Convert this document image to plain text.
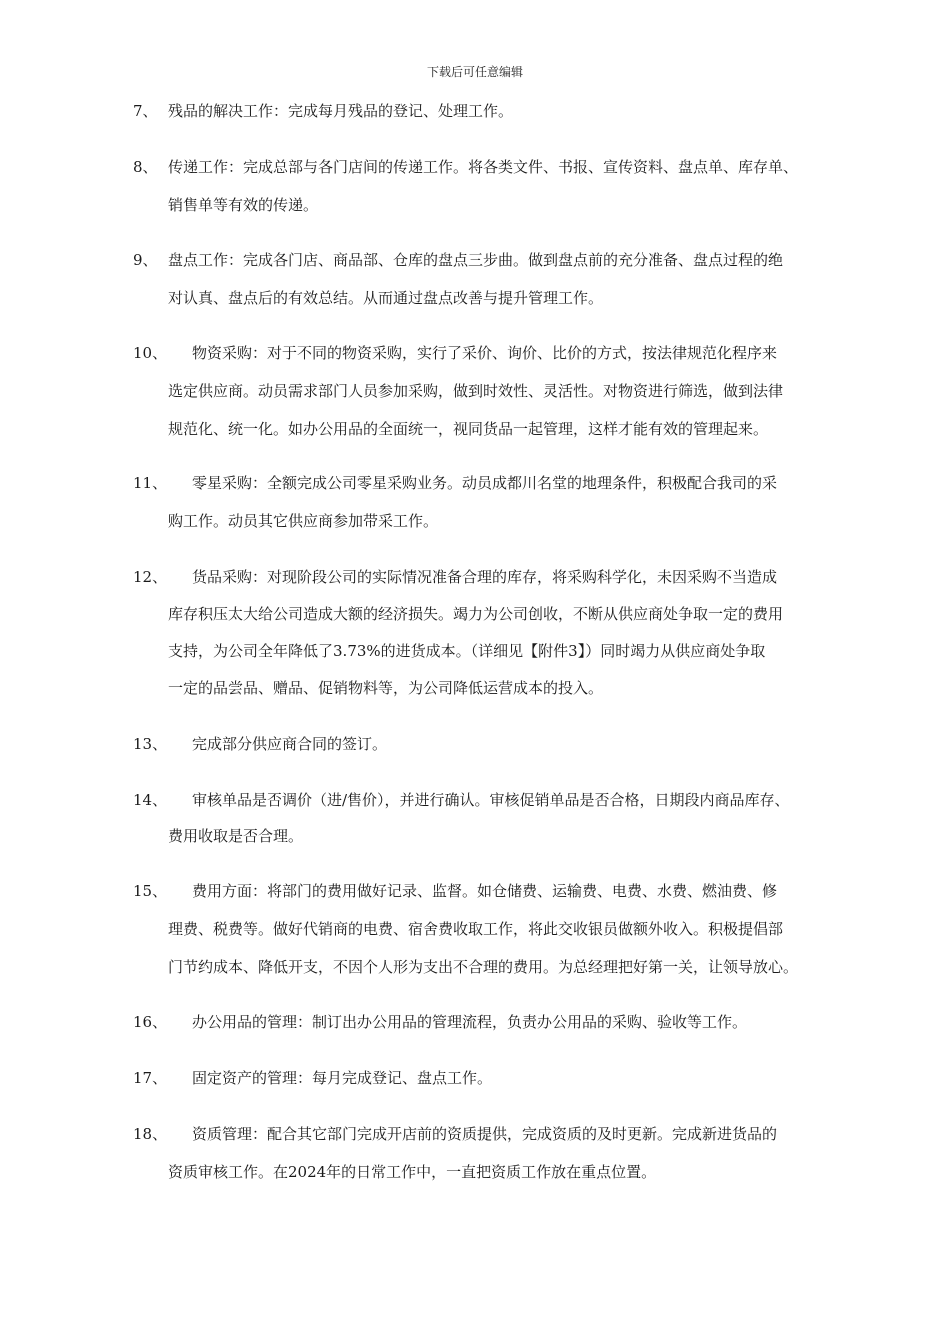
下载后可任意编辑
7、 残品的解决工作：完成每月残品的登记、处理工作。
8、 传递工作：完成总部与各门店间的传递工作。将各类文件、书报、宣传资料、盘点单、库存单、
销售单等有效的传递。
9、 盘点工作：完成各门店、商品部、仓库的盘点三步曲。做到盘点前的充分准备、盘点过程的绝
对认真、盘点后的有效总结。从而通过盘点改善与提升管理工作。
10、 物资采购：对于不同的物资采购，实行了采价、询价、比价的方式，按法律规范化程序来
选定供应商。动员需求部门人员参加采购，做到时效性、灵活性。对物资进行筛选，做到法律
规范化、统一化。如办公用品的全面统一，视同货品一起管理，这样才能有效的管理起来。
11、 零星采购：全额完成公司零星采购业务。动员成都川名堂的地理条件，积极配合我司的采
购工作。动员其它供应商参加带采工作。
12、 货品采购：对现阶段公司的实际情况准备合理的库存，将采购科学化，未因采购不当造成
库存积压太大给公司造成大额的经济损失。竭力为公司创收，不断从供应商处争取一定的费用
支持，为公司全年降低了3.73%的进货成本。（详细见【附件3】）同时竭力从供应商处争取
一定的品尝品、赠品、促销物料等，为公司降低运营成本的投入。
13、 完成部分供应商合同的签订。
14、 审核单品是否调价（进/售价），并进行确认。审核促销单品是否合格，日期段内商品库存、
费用收取是否合理。
15、 费用方面：将部门的费用做好记录、监督。如仓储费、运输费、电费、水费、燃油费、修
理费、税费等。做好代销商的电费、宿舍费收取工作，将此交收银员做额外收入。积极提倡部
门节约成本、降低开支，不因个人形为支出不合理的费用。为总经理把好第一关，让领导放心。
16、 办公用品的管理：制订出办公用品的管理流程，负责办公用品的采购、验收等工作。
17、 固定资产的管理：每月完成登记、盘点工作。
18、 资质管理：配合其它部门完成开店前的资质提供，完成资质的及时更新。完成新进货品的
资质审核工作。在2024年的日常工作中，一直把资质工作放在重点位置。
